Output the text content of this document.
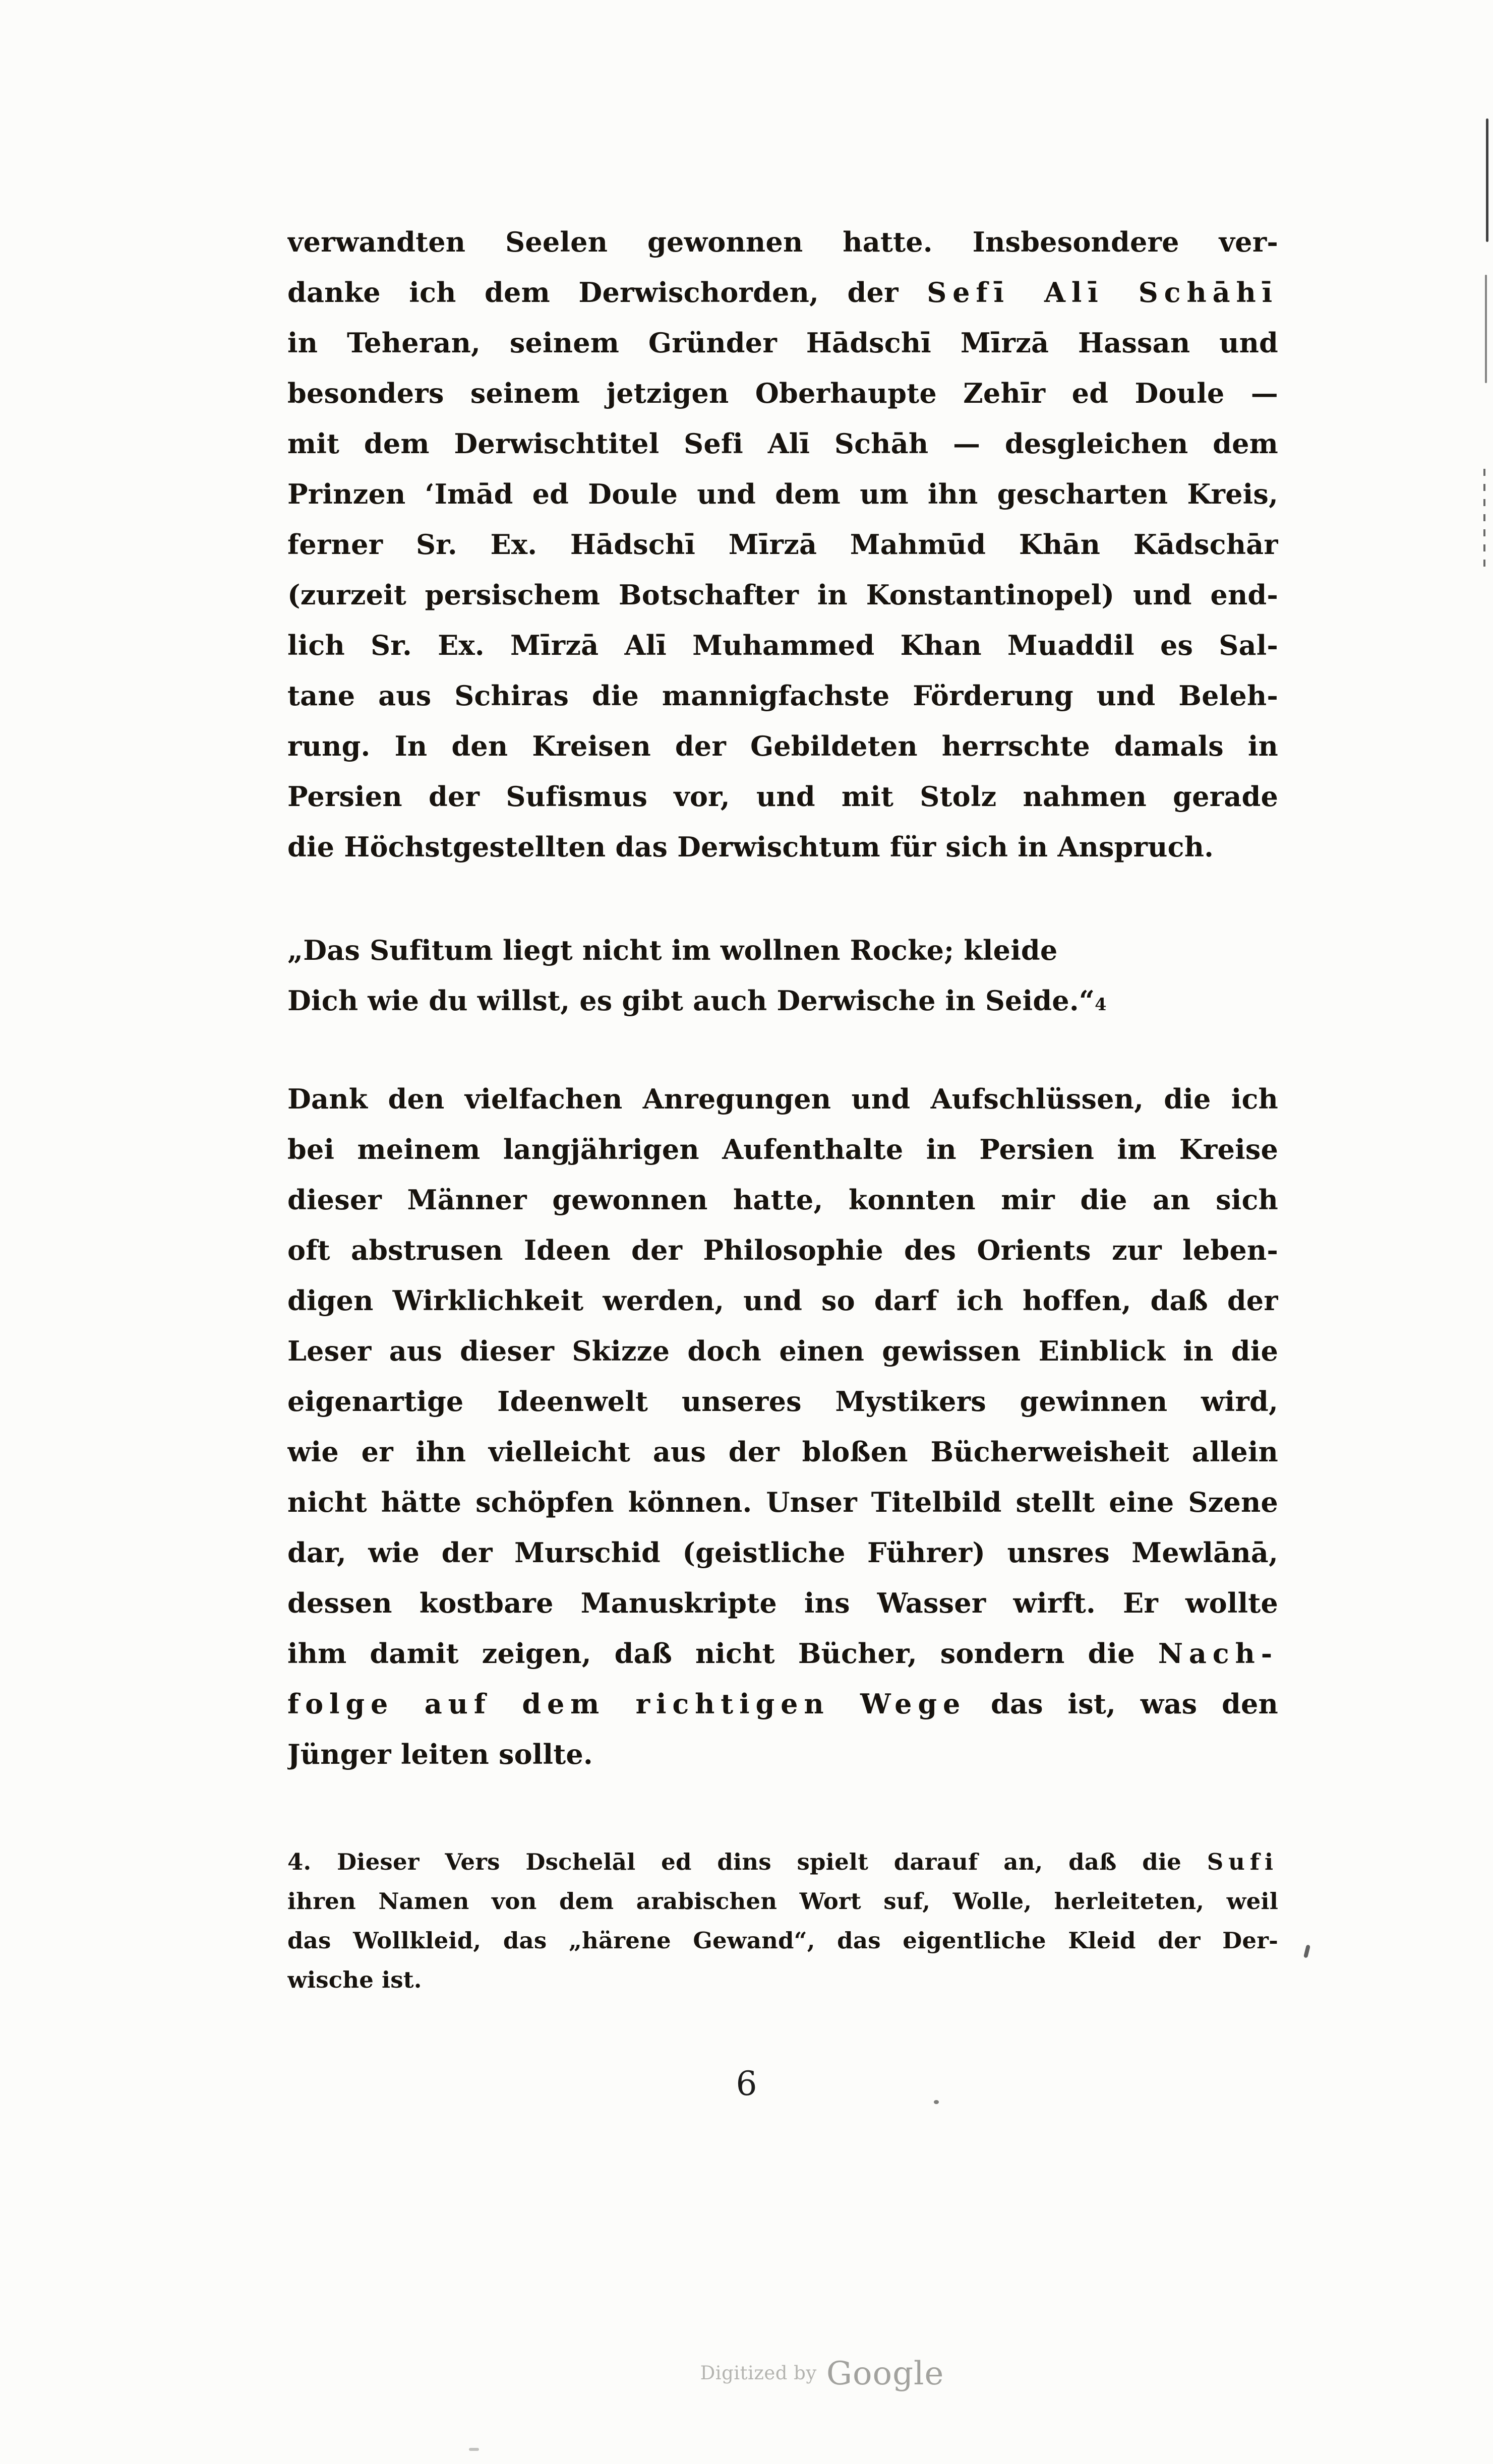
verwandten Seelen gewonnen hatte. Insbesondere ver-
danke ich dem Derwischorden, der Sefī Alī Schāhī
in Teheran, seinem Gründer Hādschī Mīrzā Hassan und
besonders seinem jetzigen Oberhaupte Zehīr ed Doule —
mit dem Derwischtitel Sefi Alī Schāh — desgleichen dem
Prinzen ‘Imād ed Doule und dem um ihn gescharten Kreis,
ferner Sr. Ex. Hādschī Mīrzā Mahmūd Khān Kādschār
(zurzeit persischem Botschafter in Konstantinopel) und end-
lich Sr. Ex. Mīrzā Alī Muhammed Khan Muaddil es Sal-
tane aus Schiras die mannigfachste Förderung und Beleh-
rung. In den Kreisen der Gebildeten herrschte damals in
Persien der Sufismus vor, und mit Stolz nahmen gerade
die Höchstgestellten das Derwischtum für sich in Anspruch.
„Das Sufitum liegt nicht im wollnen Rocke; kleide
Dich wie du willst, es gibt auch Derwische in Seide.“4
Dank den vielfachen Anregungen und Aufschlüssen, die ich
bei meinem langjährigen Aufenthalte in Persien im Kreise
dieser Männer gewonnen hatte, konnten mir die an sich
oft abstrusen Ideen der Philosophie des Orients zur leben-
digen Wirklichkeit werden, und so darf ich hoffen, daß der
Leser aus dieser Skizze doch einen gewissen Einblick in die
eigenartige Ideenwelt unseres Mystikers gewinnen wird,
wie er ihn vielleicht aus der bloßen Bücherweisheit allein
nicht hätte schöpfen können. Unser Titelbild stellt eine Szene
dar, wie der Murschid (geistliche Führer) unsres Mewlānā,
dessen kostbare Manuskripte ins Wasser wirft. Er wollte
ihm damit zeigen, daß nicht Bücher, sondern die Nach-
folge auf dem richtigen Wege das ist, was den
Jünger leiten sollte.
4. Dieser Vers Dschelāl ed dins spielt darauf an, daß die Sufi
ihren Namen von dem arabischen Wort suf, Wolle, herleiteten, weil
das Wollkleid, das „härene Gewand“, das eigentliche Kleid der Der-
wische ist.
6
Digitized by Google
